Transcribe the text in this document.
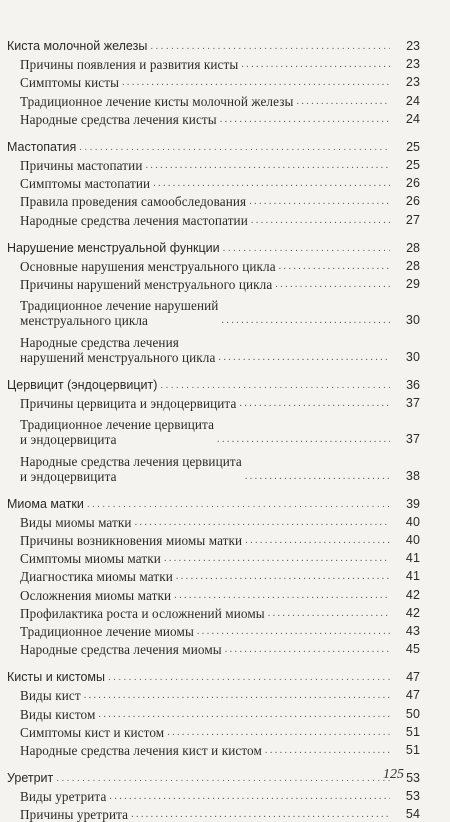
Киста молочной железы .....	23
Причины появления и развития кисты .....	23
Симптомы кисты .....	23
Традиционное лечение кисты молочной железы .....	24
Народные средства лечения кисты .....	24
Мастопатия .....	25
Причины мастопатии .....	25
Симптомы мастопатии .....	26
Правила проведения самообследования .....	26
Народные средства лечения мастопатии .....	27
Нарушение менструальной функции .....	28
Основные нарушения менструального цикла .....	28
Причины нарушений менструального цикла .....	29
Традиционное лечение нарушений
менструального цикла .....	30
Народные средства лечения
нарушений менструального цикла .....	30
Цервицит (эндоцервицит) .....	36
Причины цервицита и эндоцервицита .....	37
Традиционное лечение цервицита
и эндоцервицита .....	37
Народные средства лечения цервицита
и эндоцервицита .....	38
Миома матки .....	39
Виды миомы матки .....	40
Причины возникновения миомы матки .....	40
Симптомы миомы матки .....	41
Диагностика миомы матки .....	41
Осложнения миомы матки .....	42
Профилактика роста и осложнений миомы .....	42
Традиционное лечение миомы .....	43
Народные средства лечения миомы .....	45
Кисты и кистомы .....	47
Виды кист .....	47
Виды кистом .....	50
Симптомы кист и кистом .....	51
Народные средства лечения кист и кистом .....	51
Уретрит .....	53
Виды уретрита .....	53
Причины уретрита .....	54
125
